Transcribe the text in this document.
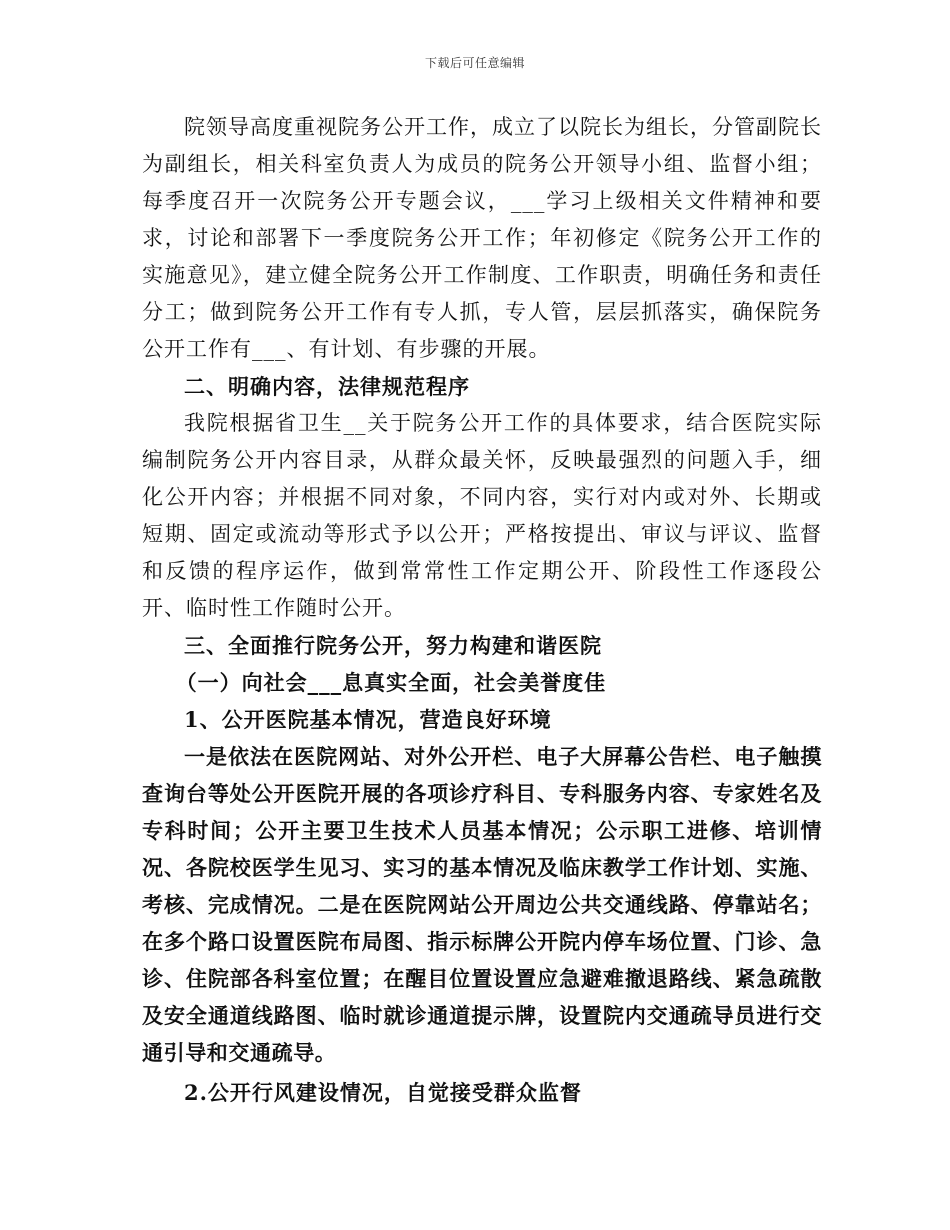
下载后可任意编辑

院领导高度重视院务公开工作，成立了以院长为组长，分管副院长为副组长，相关科室负责人为成员的院务公开领导小组、监督小组；每季度召开一次院务公开专题会议，___学习上级相关文件精神和要求，讨论和部署下一季度院务公开工作；年初修定《院务公开工作的实施意见》，建立健全院务公开工作制度、工作职责，明确任务和责任分工；做到院务公开工作有专人抓，专人管，层层抓落实，确保院务公开工作有___、有计划、有步骤的开展。

二、明确内容，法律规范程序

我院根据省卫生__关于院务公开工作的具体要求，结合医院实际编制院务公开内容目录，从群众最关怀，反映最强烈的问题入手，细化公开内容；并根据不同对象，不同内容，实行对内或对外、长期或短期、固定或流动等形式予以公开；严格按提出、审议与评议、监督和反馈的程序运作，做到常常性工作定期公开、阶段性工作逐段公开、临时性工作随时公开。

三、全面推行院务公开，努力构建和谐医院

（一）向社会___息真实全面，社会美誉度佳

1、公开医院基本情况，营造良好环境

一是依法在医院网站、对外公开栏、电子大屏幕公告栏、电子触摸查询台等处公开医院开展的各项诊疗科目、专科服务内容、专家姓名及专科时间；公开主要卫生技术人员基本情况；公示职工进修、培训情况、各院校医学生见习、实习的基本情况及临床教学工作计划、实施、考核、完成情况。二是在医院网站公开周边公共交通线路、停靠站名；在多个路口设置医院布局图、指示标牌公开院内停车场位置、门诊、急诊、住院部各科室位置；在醒目位置设置应急避难撤退路线、紧急疏散及安全通道线路图、临时就诊通道提示牌，设置院内交通疏导员进行交通引导和交通疏导。

2.公开行风建设情况，自觉接受群众监督
